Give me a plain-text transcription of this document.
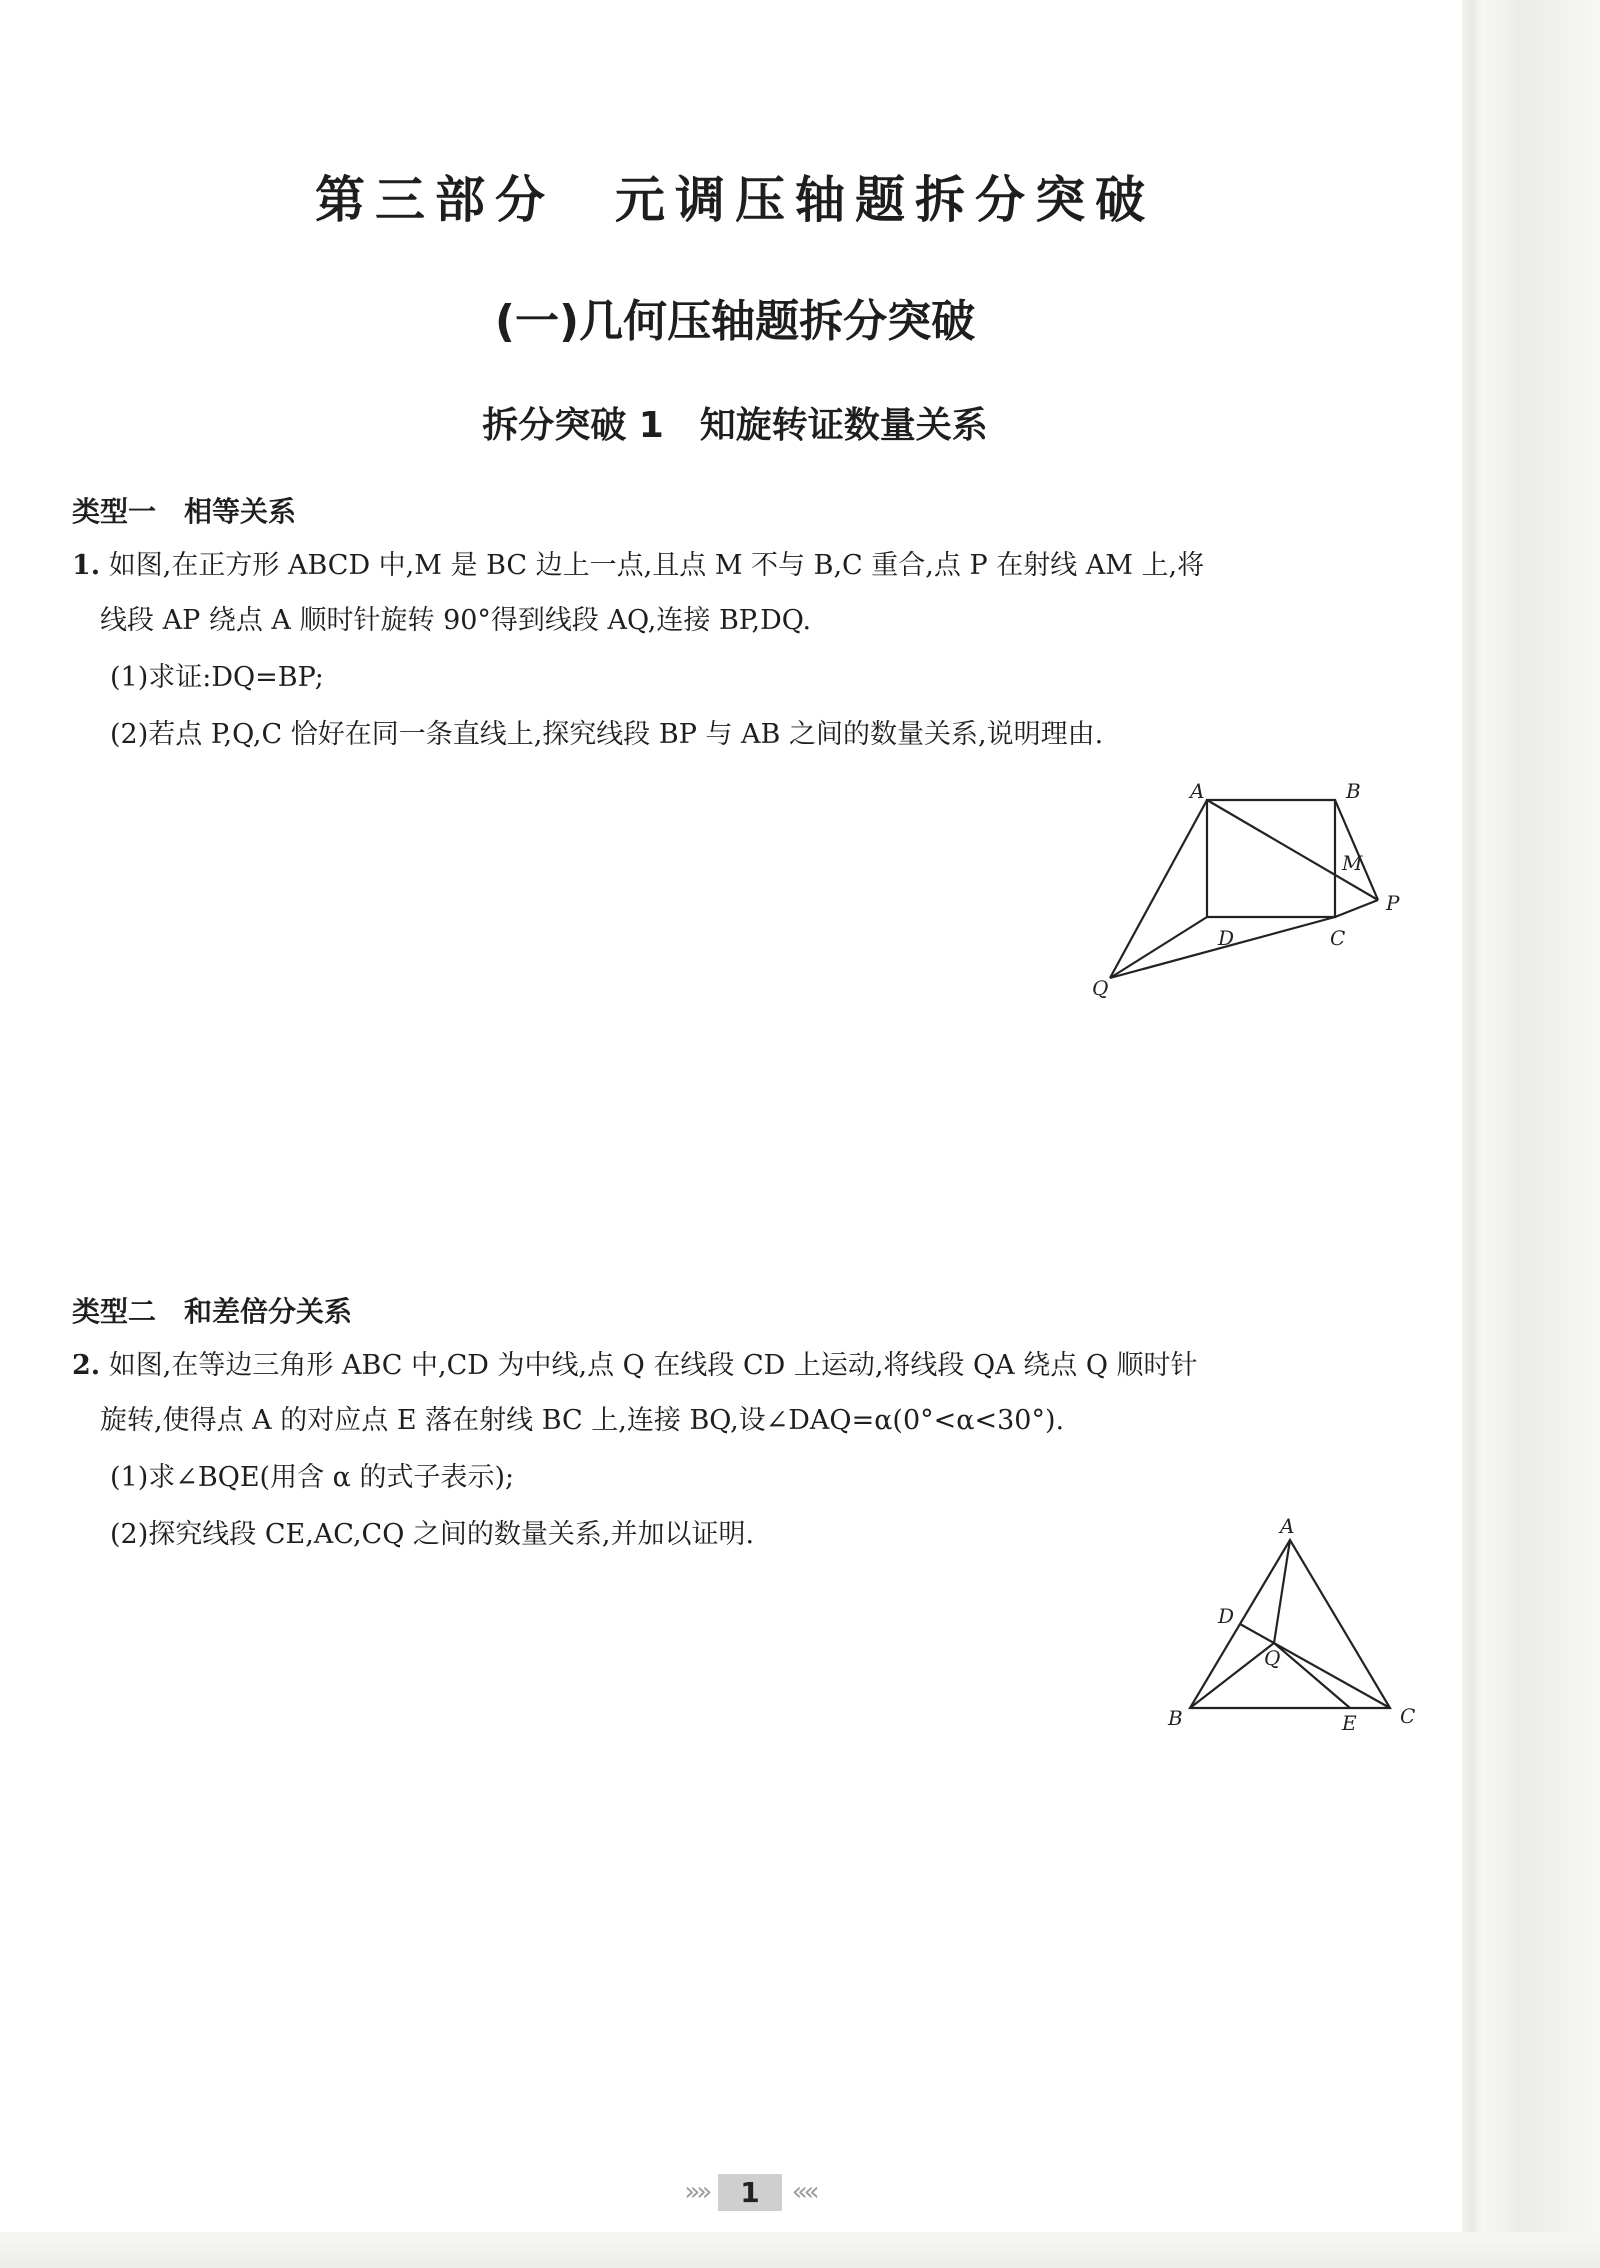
第三部分　元调压轴题拆分突破
(一)几何压轴题拆分突破
拆分突破 1　知旋转证数量关系
类型一　相等关系
1. 如图,在正方形 ABCD 中,M 是 BC 边上一点,且点 M 不与 B,C 重合,点 P 在射线 AM 上,将
线段 AP 绕点 A 顺时针旋转 90°得到线段 AQ,连接 BP,DQ.
(1)求证:DQ=BP;
(2)若点 P,Q,C 恰好在同一条直线上,探究线段 BP 与 AB 之间的数量关系,说明理由.
A	B
M
P
D	C
Q
类型二　和差倍分关系
2. 如图,在等边三角形 ABC 中,CD 为中线,点 Q 在线段 CD 上运动,将线段 QA 绕点 Q 顺时针
旋转,使得点 A 的对应点 E 落在射线 BC 上,连接 BQ,设∠DAQ=α(0°<α<30°).
(1)求∠BQE(用含 α 的式子表示);
(2)探究线段 CE,AC,CQ 之间的数量关系,并加以证明.	A
D
Q
B	E C
»»	1	««
